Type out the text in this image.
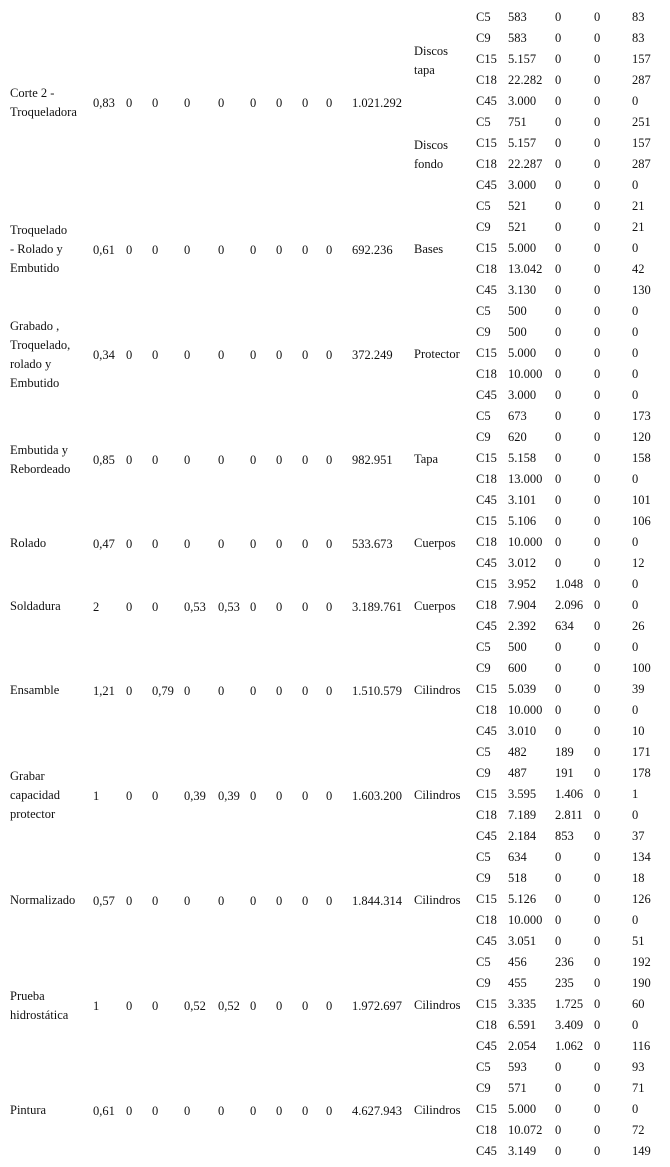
Corte 2 -
Troqueladora
0,83 0 0 0 0 0 0 0 0 1.021.292
Discos
tapa
C5 583 0	0	83
C9 583 0	0	83
C15 5.157 0	0	157
C18 22.282 0	0	287
C45 3.000 0	0	0
Discos
fondo
C5 751 0	0	251
C15 5.157 0	0	157
C18 22.287 0	0	287
C45 3.000 0	0	0
Troquelado
- Rolado y
Embutido
0,61 0 0 0 0 0 0 0 0 692.236 Bases
C5 521 0	0	21
C9 521 0	0	21
C15 5.000 0	0	0
C18 13.042 0	0	42
C45 3.130 0	0	130
Grabado ,
Troquelado,
rolado y
Embutido
0,34 0 0 0 0 0 0 0 0 372.249 Protector
C5 500 0	0	0
C9 500 0	0	0
C15 5.000 0	0	0
C18 10.000 0	0	0
C45 3.000 0	0	0
Embutida y
Rebordeado
0,85 0 0 0 0 0 0 0 0 982.951 Tapa
C5 673 0	0	173
C9 620 0	0	120
C15 5.158 0	0	158
C18 13.000 0	0	0
C45 3.101 0	0	101
Rolado	0,47 0 0 0 0 0 0 0 0 533.673 Cuerpos
C15 5.106 0	0	106
C18 10.000 0	0	0
C45 3.012 0	0	12
Soldadura	2 0 0 0,53 0,53 0 0 0 0 3.189.761 Cuerpos
C15 3.952 1.048 0	0
C18 7.904 2.096 0	0
C45 2.392 634 0	26
Ensamble	1,21 0 0,79 0 0 0 0 0 0 1.510.579 Cilindros
C5 500 0	0	0
C9 600 0	0	100
C15 5.039 0	0	39
C18 10.000 0	0	0
C45 3.010 0	0	10
Grabar
capacidad
protector
1 0 0 0,39 0,39 0 0 0 0 1.603.200 Cilindros
C5 482 189 0	171
C9 487 191 0	178
C15 3.595 1.406 0	1
C18 7.189 2.811 0	0
C45 2.184 853 0	37
Normalizado 0,57 0 0 0 0 0 0 0 0 1.844.314 Cilindros
C5 634 0	0	134
C9 518 0	0	18
C15 5.126 0	0	126
C18 10.000 0	0	0
C45 3.051 0	0	51
Prueba
hidrostática
1 0 0 0,52 0,52 0 0 0 0 1.972.697 Cilindros
C5 456 236 0	192
C9 455 235 0	190
C15 3.335 1.725 0	60
C18 6.591 3.409 0	0
C45 2.054 1.062 0	116
Pintura	0,61 0 0 0 0 0 0 0 0 4.627.943 Cilindros
C5 593 0	0	93
C9 571 0	0	71
C15 5.000 0	0	0
C18 10.072 0	0	72
C45 3.149 0	0	149
